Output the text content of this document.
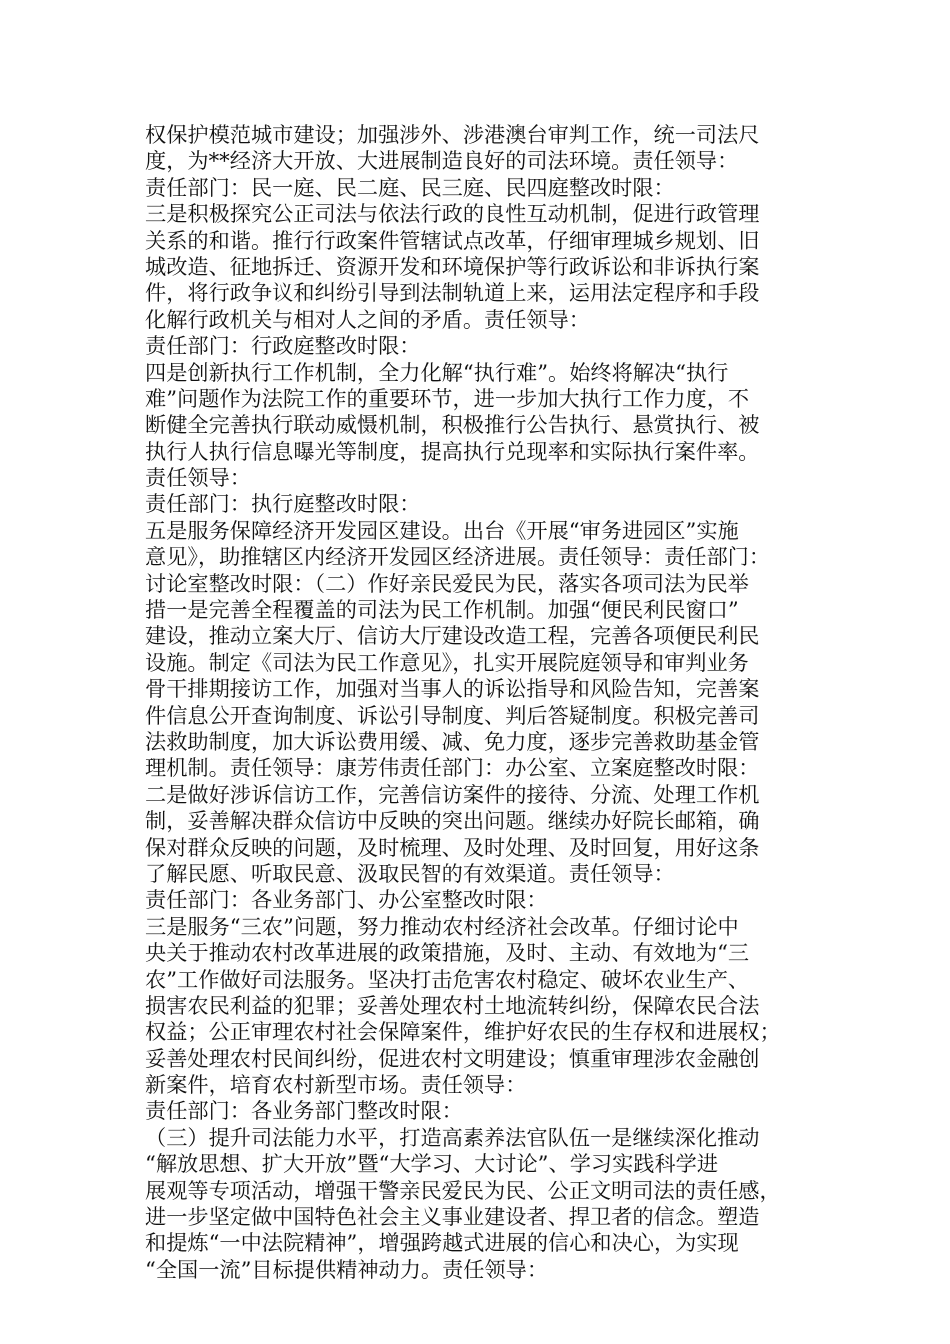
权保护模范城市建设；加强涉外、涉港澳台审判工作，统一司法尺
度，为**经济大开放、大进展制造良好的司法环境。责任领导：
责任部门：民一庭、民二庭、民三庭、民四庭整改时限：
三是积极探究公正司法与依法行政的良性互动机制，促进行政管理
关系的和谐。推行行政案件管辖试点改革，仔细审理城乡规划、旧
城改造、征地拆迁、资源开发和环境保护等行政诉讼和非诉执行案
件，将行政争议和纠纷引导到法制轨道上来，运用法定程序和手段
化解行政机关与相对人之间的矛盾。责任领导：
责任部门：行政庭整改时限：
四是创新执行工作机制，全力化解“执行难”。始终将解决“执行
难”问题作为法院工作的重要环节，进一步加大执行工作力度，不
断健全完善执行联动威慑机制，积极推行公告执行、悬赏执行、被
执行人执行信息曝光等制度，提高执行兑现率和实际执行案件率。
责任领导：
责任部门：执行庭整改时限：
五是服务保障经济开发园区建设。出台《开展“审务进园区”实施
意见》，助推辖区内经济开发园区经济进展。责任领导：责任部门：
讨论室整改时限：（二）作好亲民爱民为民，落实各项司法为民举
措一是完善全程覆盖的司法为民工作机制。加强“便民利民窗口”
建设，推动立案大厅、信访大厅建设改造工程，完善各项便民利民
设施。制定《司法为民工作意见》，扎实开展院庭领导和审判业务
骨干排期接访工作，加强对当事人的诉讼指导和风险告知，完善案
件信息公开查询制度、诉讼引导制度、判后答疑制度。积极完善司
法救助制度，加大诉讼费用缓、减、免力度，逐步完善救助基金管
理机制。责任领导：康芳伟责任部门：办公室、立案庭整改时限：
二是做好涉诉信访工作，完善信访案件的接待、分流、处理工作机
制，妥善解决群众信访中反映的突出问题。继续办好院长邮箱，确
保对群众反映的问题，及时梳理、及时处理、及时回复，用好这条
了解民愿、听取民意、汲取民智的有效渠道。责任领导：
责任部门：各业务部门、办公室整改时限：
三是服务“三农”问题，努力推动农村经济社会改革。仔细讨论中
央关于推动农村改革进展的政策措施，及时、主动、有效地为“三
农”工作做好司法服务。坚决打击危害农村稳定、破坏农业生产、
损害农民利益的犯罪；妥善处理农村土地流转纠纷，保障农民合法
权益；公正审理农村社会保障案件，维护好农民的生存权和进展权；
妥善处理农村民间纠纷，促进农村文明建设；慎重审理涉农金融创
新案件，培育农村新型市场。责任领导：
责任部门：各业务部门整改时限：
（三）提升司法能力水平，打造高素养法官队伍一是继续深化推动
“解放思想、扩大开放”暨“大学习、大讨论”、学习实践科学进
展观等专项活动，增强干警亲民爱民为民、公正文明司法的责任感，
进一步坚定做中国特色社会主义事业建设者、捍卫者的信念。塑造
和提炼“一中法院精神”，增强跨越式进展的信心和决心，为实现
“全国一流”目标提供精神动力。责任领导：
